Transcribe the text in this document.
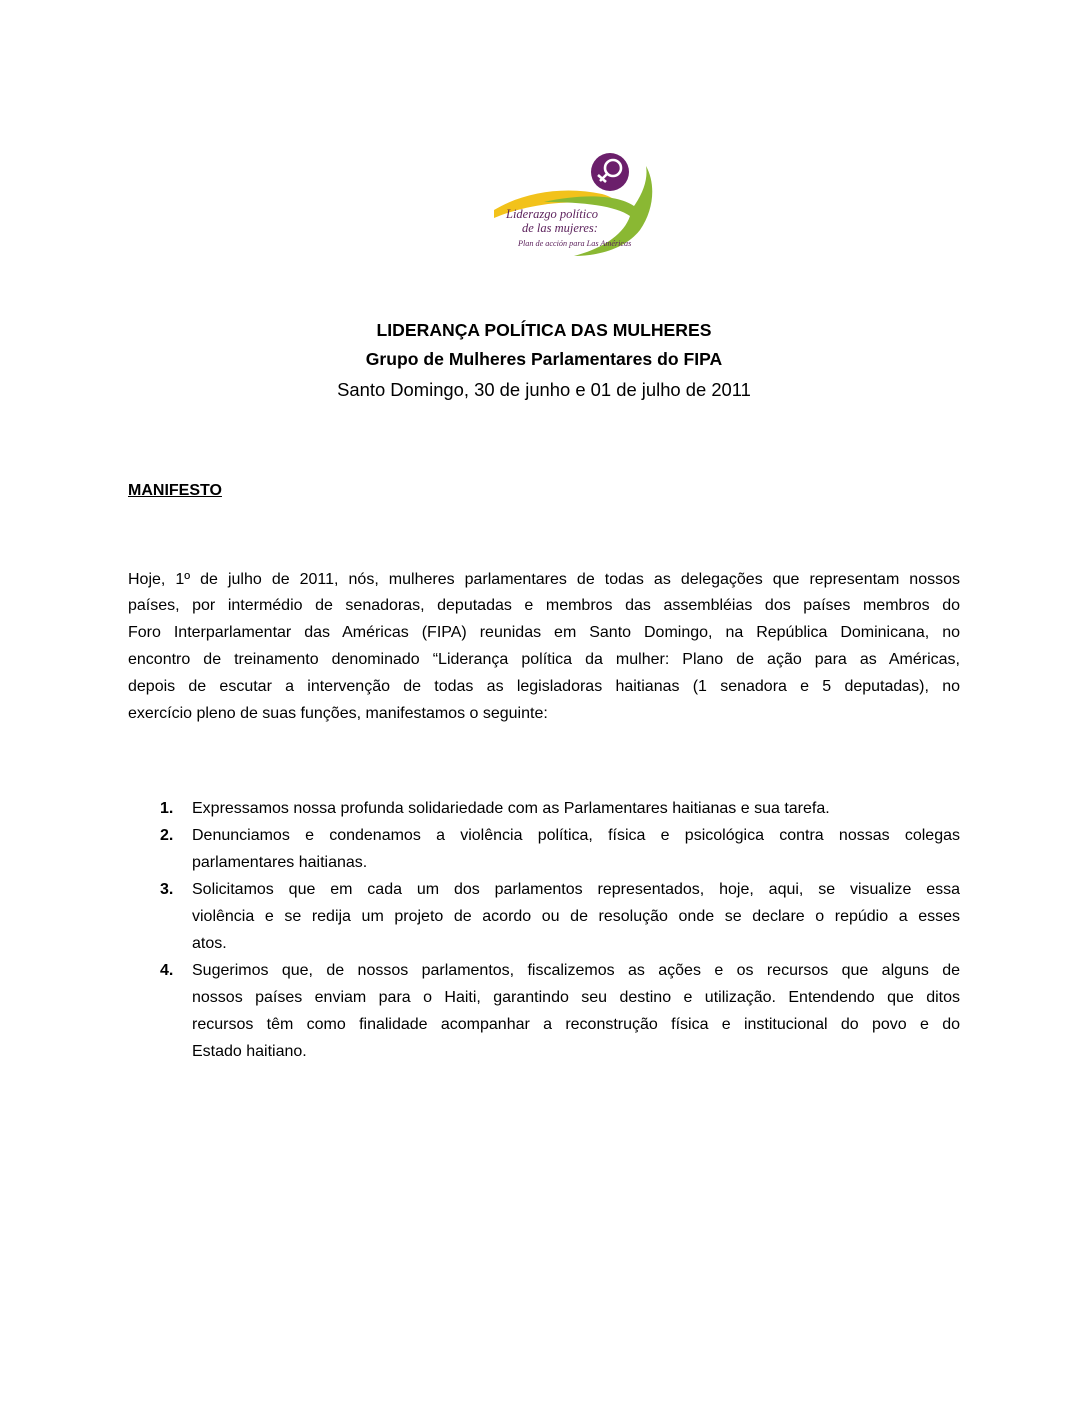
Liderazgo político
de las mujeres:
Plan de acción para Las Américas
LIDERANÇA POLÍTICA DAS MULHERES
Grupo de Mulheres Parlamentares do FIPA
Santo Domingo, 30 de junho e 01 de julho de 2011
MANIFESTO
Hoje, 1º de julho de 2011, nós, mulheres parlamentares de todas as delegações que representam nossos
países, por intermédio de senadoras, deputadas e membros das assembléias dos países membros do
Foro Interparlamentar das Américas (FIPA) reunidas em Santo Domingo, na República Dominicana, no
encontro de treinamento denominado “Liderança política da mulher: Plano de ação para as Américas,
depois de escutar a intervenção de todas as legisladoras haitianas (1 senadora e 5 deputadas), no
exercício pleno de suas funções, manifestamos o seguinte:
1. Expressamos nossa profunda solidariedade com as Parlamentares haitianas e sua tarefa.
2. Denunciamos e condenamos a violência política, física e psicológica contra nossas colegas
parlamentares haitianas.
3. Solicitamos que em cada um dos parlamentos representados, hoje, aqui, se visualize essa
violência e se redija um projeto de acordo ou de resolução onde se declare o repúdio a esses
atos.
4. Sugerimos que, de nossos parlamentos, fiscalizemos as ações e os recursos que alguns de
nossos países enviam para o Haiti, garantindo seu destino e utilização. Entendendo que ditos
recursos têm como finalidade acompanhar a reconstrução física e institucional do povo e do
Estado haitiano.
